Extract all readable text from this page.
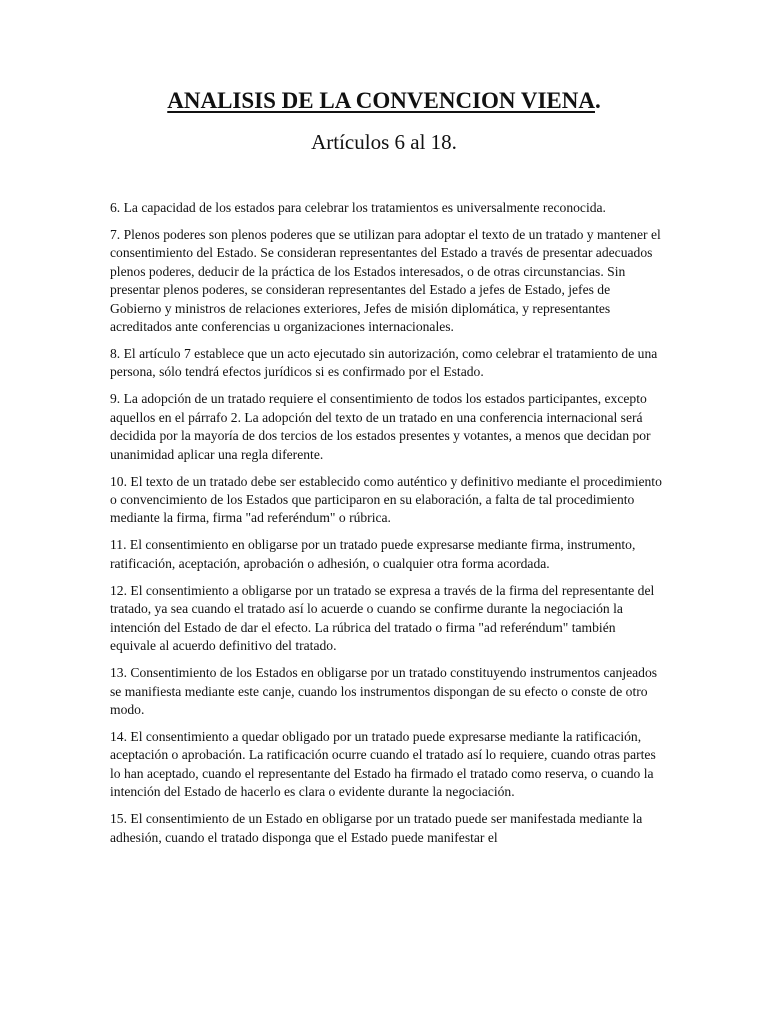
ANALISIS DE LA CONVENCION VIENA.
Artículos 6 al 18.

6. La capacidad de los estados para celebrar los tratamientos es universalmente reconocida.

7. Plenos poderes son plenos poderes que se utilizan para adoptar el texto de un tratado y mantener el consentimiento del Estado. Se consideran representantes del Estado a través de presentar adecuados plenos poderes, deducir de la práctica de los Estados interesados, o de otras circunstancias. Sin presentar plenos poderes, se consideran representantes del Estado a jefes de Estado, jefes de Gobierno y ministros de relaciones exteriores, Jefes de misión diplomática, y representantes acreditados ante conferencias u organizaciones internacionales.

8. El artículo 7 establece que un acto ejecutado sin autorización, como celebrar el tratamiento de una persona, sólo tendrá efectos jurídicos si es confirmado por el Estado.

9. La adopción de un tratado requiere el consentimiento de todos los estados participantes, excepto aquellos en el párrafo 2. La adopción del texto de un tratado en una conferencia internacional será decidida por la mayoría de dos tercios de los estados presentes y votantes, a menos que decidan por unanimidad aplicar una regla diferente.

10. El texto de un tratado debe ser establecido como auténtico y definitivo mediante el procedimiento o convencimiento de los Estados que participaron en su elaboración, a falta de tal procedimiento mediante la firma, firma "ad referéndum" o rúbrica.

11. El consentimiento en obligarse por un tratado puede expresarse mediante firma, instrumento, ratificación, aceptación, aprobación o adhesión, o cualquier otra forma acordada.

12. El consentimiento a obligarse por un tratado se expresa a través de la firma del representante del tratado, ya sea cuando el tratado así lo acuerde o cuando se confirme durante la negociación la intención del Estado de dar el efecto. La rúbrica del tratado o firma "ad referéndum" también equivale al acuerdo definitivo del tratado.

13. Consentimiento de los Estados en obligarse por un tratado constituyendo instrumentos canjeados se manifiesta mediante este canje, cuando los instrumentos dispongan de su efecto o conste de otro modo.

14. El consentimiento a quedar obligado por un tratado puede expresarse mediante la ratificación, aceptación o aprobación. La ratificación ocurre cuando el tratado así lo requiere, cuando otras partes lo han aceptado, cuando el representante del Estado ha firmado el tratado como reserva, o cuando la intención del Estado de hacerlo es clara o evidente durante la negociación.

15. El consentimiento de un Estado en obligarse por un tratado puede ser manifestada mediante la adhesión, cuando el tratado disponga que el Estado puede manifestar el
